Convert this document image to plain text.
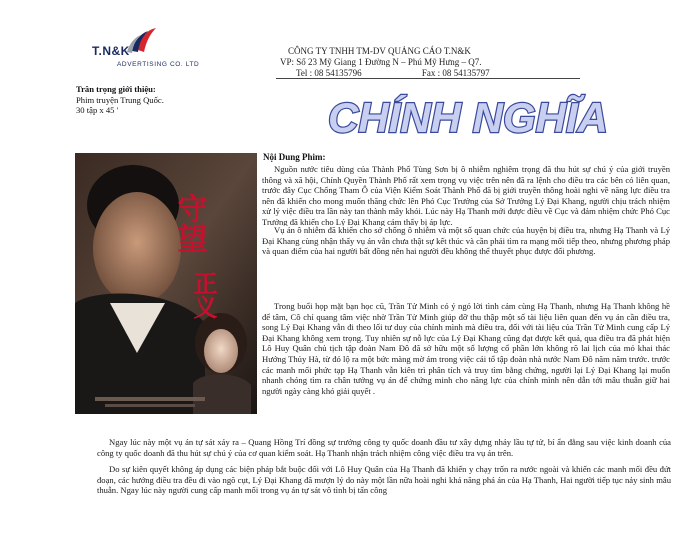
T.N&K
ADVERTISING CO. LTD
CÔNG TY TNHH TM-DV QUẢNG CÁO T.N&K
VP: Số 23 Mỹ Giang 1 Đường N – Phú Mỹ Hưng – Q7.
Tel : 08 54135796	Fax : 08 54135797
Trân trọng giới thiệu:
Phim truyện Trung Quốc.
30 tập x 45 '	CHÍNH NGHĨA
守望
正义
Nội Dung Phim:
Nguồn nước tiêu dùng của Thành Phố Tùng Sơn bị ô nhiễm nghiêm trọng đã thu hút sự chú ý của giới truyền thông và xã hội, Chính Quyền Thành Phố rất xem trọng vụ việc trên nên đã ra lệnh cho điều tra các bên có liên quan, trước đây Cục Chống Tham Ô của Viện Kiểm Soát Thành Phố đã bị giới truyền thông hoài nghi về năng lực điều tra nên đã khiến cho mong muốn thăng chức lên Phó Cục Trưởng của Sở Trưởng Lý Đại Khang, người chịu trách nhiệm xử lý việc điều tra lần này tan thành mây khói. Lúc này Hạ Thanh mới được điều về Cục và đảm nhiệm chức Phó Cục Trưởng đã khiến cho Lý Đại Khang cảm thấy bị áp lực.
Vụ án ô nhiễm đã khiến cho sở chống ô nhiễm và một số quan chức của huyện bị điều tra, nhưng Hạ Thanh và Lý Đại Khang cùng nhận thấy vụ án vẫn chưa thật sự kết thúc và cần phải tìm ra mạng mối tiếp theo, nhưng phương pháp và quan điểm của hai người bất đồng nên hai người đều không thể thuyết phục được đối phương.
Trong buổi họp mặt bạn học cũ, Trần Tử Minh có ý ngỏ lời tình cảm cùng Hạ Thanh, nhưng Hạ Thanh không hề để tâm, Cô chỉ quang tâm việc nhờ Trần Tử Minh giúp đỡ thu thập một số tài liệu liên quan đến vụ án cần điều tra, song Lý Đại Khang vẫn đi theo lối tư duy của chính mình mà điều tra, đối với tài liệu của Trần Tử Minh cung cấp Lý Đại Khang không xem trọng. Tuy nhiên sự nỗ lực của Lý Đại Khang cũng đạt được kết quả, qua điều tra đã phát hiện Lô Huy Quân chủ tịch tập đoàn Nam Đô đã sở hữu một số lượng cổ phần lớn không rõ lai lịch của mỏ khai thác Hướng Thủy Hà, từ đó lộ ra một bức màng mờ ám trong việc cải tổ tập đoàn nhà nước Nam Đô năm năm trước. trước các manh mối phức tạp Hạ Thanh vẫn kiên trì phân tích và truy tìm bằng chứng, người lại Lý Đại Khang lại muốn nhanh chóng tìm ra chân tướng vụ án để chứng minh cho năng lực của chính mình nên dẫn tới mâu thuẫn giữ hai người ngày càng khó giải quyết .
Ngay lúc này một vụ án tự sát xảy ra – Quang Hồng Trí đồng sự trưởng công ty quốc doanh đầu tư xây dựng nhảy lầu tự tử, bí ẩn đằng sau việc kinh doanh của công ty quốc doanh đã thu hút sự chú ý của cơ quan kiểm soát. Hạ Thanh nhận trách nhiệm công việc điều tra vụ án trên.
Do sự kiên quyết không áp dụng các biện pháp bắt buộc đối với Lô Huy Quân của Hạ Thanh đã khiến y chạy trốn ra nước ngoài và khiến các manh mối đều đứt đoạn, các hướng điều tra đều đi vào ngõ cụt, Lý Đại Khang đã mượn lý do này một lần nữa hoài nghi khả năng phá án của Hạ Thanh, Hai người tiếp tục nảy sinh mâu thuẫn. Ngay lúc này người cung cấp manh mối trong vụ án tự sát vô tình bị tấn công
